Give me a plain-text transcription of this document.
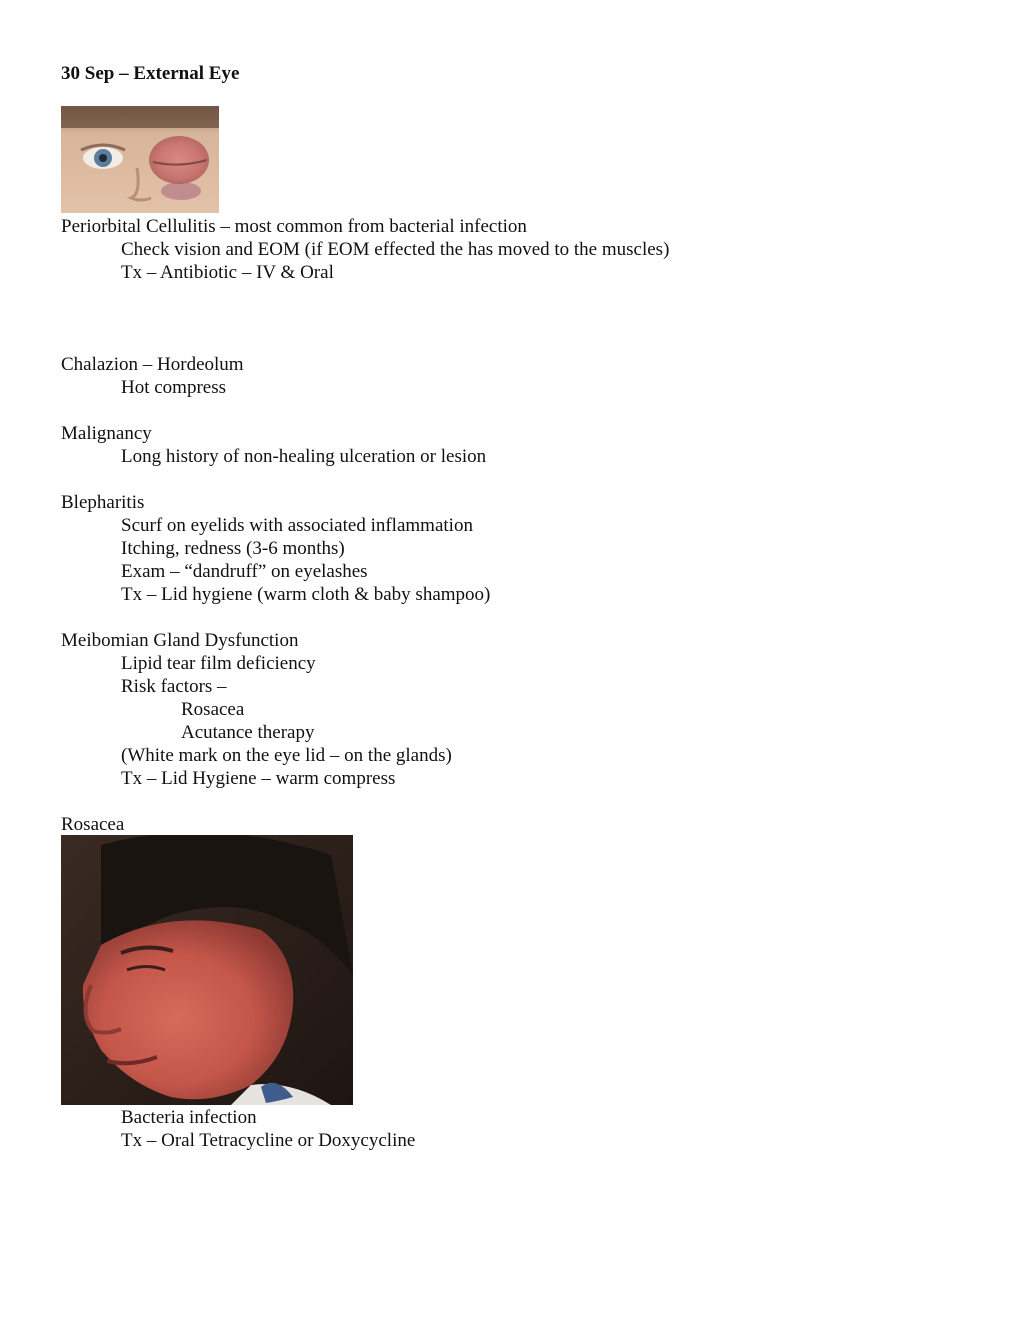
30 Sep – External Eye
Periorbital Cellulitis – most common from bacterial infection
Check vision and EOM (if EOM effected the has moved to the muscles)
Tx – Antibiotic – IV & Oral
Chalazion – Hordeolum
Hot compress
Malignancy
Long history of non-healing ulceration or lesion
Blepharitis
Scurf on eyelids with associated inflammation
Itching, redness (3-6 months)
Exam – “dandruff” on eyelashes
Tx – Lid hygiene (warm cloth & baby shampoo)
Meibomian Gland Dysfunction
Lipid tear film deficiency
Risk factors –
Rosacea
Acutance therapy
(White mark on the eye lid – on the glands)
Tx – Lid Hygiene – warm compress
Rosacea
Bacteria infection
Tx – Oral Tetracycline or Doxycycline
